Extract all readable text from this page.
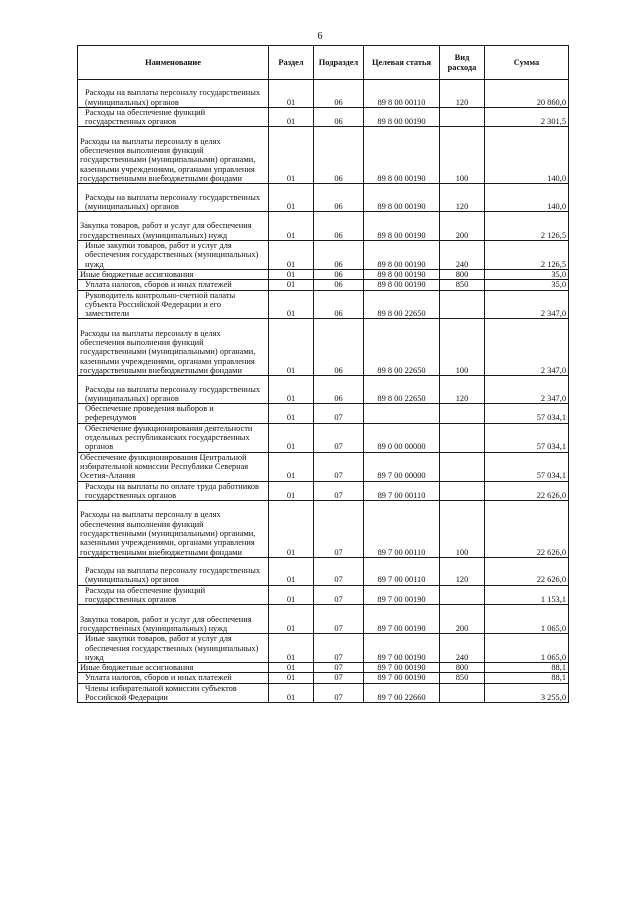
6
Наименование	Раздел	Подраздел	Целевая статья	Вид расхода	Сумма
Расходы на выплаты персоналу государственных (муниципальных) органов	01	06	89 8 00 00110	120	20 860,0
Расходы на обеспечение функций государственных органов	01	06	89 8 00 00190		2 301,5
Расходы на выплаты персоналу в целях обеспечения выполнения функций государственными (муниципальными) органами, казенными учреждениями, органами управления государственными внебюджетными фондами	01	06	89 8 00 00190	100	140,0
Расходы на выплаты персоналу государственных (муниципальных) органов	01	06	89 8 00 00190	120	140,0
Закупка товаров, работ и услуг для обеспечения государственных (муниципальных) нужд	01	06	89 8 00 00190	200	2 126,5
Иные закупки товаров, работ и услуг для обеспечения государственных (муниципальных) нужд	01	06	89 8 00 00190	240	2 126,5
Иные бюджетные ассигнования	01	06	89 8 00 00190	800	35,0
Уплата налогов, сборов и иных платежей	01	06	89 8 00 00190	850	35,0
Руководитель контрольно-счетной палаты субъекта Российской Федерации и его заместители	01	06	89 8 00 22650		2 347,0
Расходы на выплаты персоналу в целях обеспечения выполнения функций государственными (муниципальными) органами, казенными учреждениями, органами управления государственными внебюджетными фондами	01	06	89 8 00 22650	100	2 347,0
Расходы на выплаты персоналу государственных (муниципальных) органов	01	06	89 8 00 22650	120	2 347,0
Обеспечение проведения выборов и референдумов	01	07			57 034,1
Обеспечение функционирования деятельности отдельных республиканских государственных органов	01	07	89 0 00 00000		57 034,1
Обеспечение функционирования Центральной избирательной комиссии Республики Северная Осетия-Алания	01	07	89 7 00 00000		57 034,1
Расходы на выплаты по оплате труда работников государственных органов	01	07	89 7 00 00110		22 626,0
Расходы на выплаты персоналу в целях обеспечения выполнения функций государственными (муниципальными) органами, казенными учреждениями, органами управления государственными внебюджетными фондами	01	07	89 7 00 00110	100	22 626,0
Расходы на выплаты персоналу государственных (муниципальных) органов	01	07	89 7 00 00110	120	22 626,0
Расходы на обеспечение функций государственных органов	01	07	89 7 00 00190		1 153,1
Закупка товаров, работ и услуг для обеспечения государственных (муниципальных) нужд	01	07	89 7 00 00190	200	1 065,0
Иные закупки товаров, работ и услуг для обеспечения государственных (муниципальных) нужд	01	07	89 7 00 00190	240	1 065,0
Иные бюджетные ассигнования	01	07	89 7 00 00190	800	88,1
Уплата налогов, сборов и иных платежей	01	07	89 7 00 00190	850	88,1
Члены избирательной комиссии субъектов Российской Федерации	01	07	89 7 00 22660		3 255,0
